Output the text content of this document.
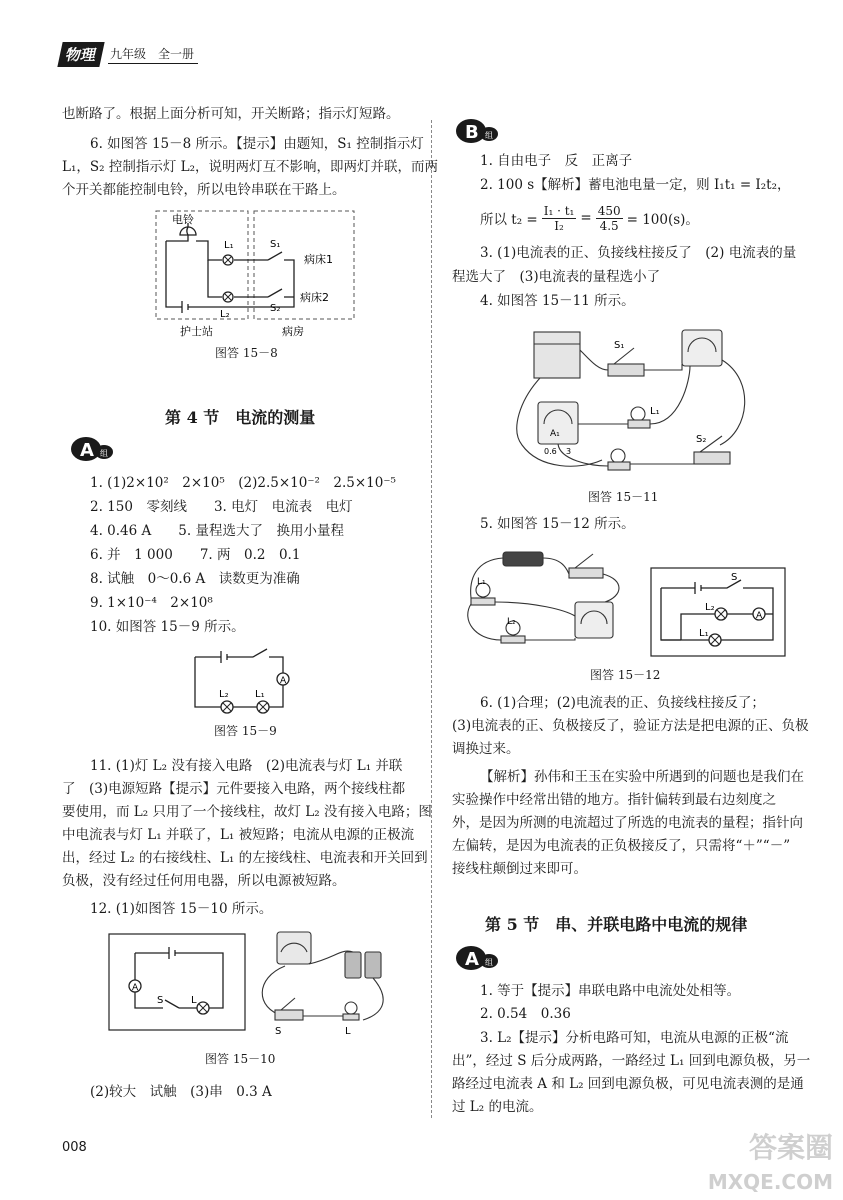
物理	九年级　 全一册
也断路了。根据上面分析可知，开关断路；指示灯短路。
6. 如图答 15－8 所示。【提示】由题知，S₁ 控制指示灯
L₁，S₂ 控制指示灯 L₂，说明两灯互不影响，即两灯并联，而两
个开关都能控制电铃，所以电铃串联在干路上。
电铃
L₁
L₂
S₁
S₂
病床1
病床2
护士站	病房
图答 15－8
第 4 节　电流的测量
A 组
1. (1)2×10²　2×10⁵　(2)2.5×10⁻²　2.5×10⁻⁵
2. 150　零刻线　　3. 电灯　电流表　电灯
4. 0.46 A　　5. 量程选大了　换用小量程
6. 并　1 000　　7. 两　0.2　0.1
8. 试触　0～0.6 A　读数更为准确
9. 1×10⁻⁴　2×10⁸
10. 如图答 15－9 所示。
A
L₂	L₁
图答 15－9
11. (1)灯 L₂ 没有接入电路　(2)电流表与灯 L₁ 并联
了　(3)电源短路【提示】元件要接入电路，两个接线柱都
要使用，而 L₂ 只用了一个接线柱，故灯 L₂ 没有接入电路；图
中电流表与灯 L₁ 并联了，L₁ 被短路；电流从电源的正极流
出，经过 L₂ 的右接线柱、L₁ 的左接线柱、电流表和开关回到
负极，没有经过任何用电器，所以电源被短路。
12. (1)如图答 15－10 所示。
A
S	L
S	L
图答 15－10
(2)较大　试触　(3)串　0.3 A
008
B 组
1. 自由电子　反　正离子
2. 100 s【解析】蓄电池电量一定，则 I₁t₁ = I₂t₂，
所以 $t_2 = \frac{\text{I₁ · t₁}}{\text{I₂}} = \frac{450}{4.5} = 100(s)$。
3. (1)电流表的正、负接线柱接反了　(2) 电流表的量
程选大了　(3)电流表的量程选小了
4. 如图答 15－11 所示。
S₁
S₂
L₁
A₁
0.6 3
图答 15－11
5. 如图答 15－12 所示。
L₁
L₂
S
A
L₂
L₁
图答 15－12
6. (1)合理；(2)电流表的正、负接线柱接反了；
(3)电流表的正、负极接反了，验证方法是把电源的正、负极
调换过来。
【解析】孙伟和王玉在实验中所遇到的问题也是我们在
实验操作中经常出错的地方。指针偏转到最右边刻度之
外，是因为所测的电流超过了所选的电流表的量程；指针向
左偏转，是因为电流表的正负极接反了，只需将“＋”“－”
接线柱颠倒过来即可。
第 5 节　串、并联电路中电流的规律
A 组
1. 等于【提示】串联电路中电流处处相等。
2. 0.54　0.36
3. L₂【提示】分析电路可知，电流从电源的正极“流
出”，经过 S 后分成两路，一路经过 L₁ 回到电源负极，另一
路经过电流表 A 和 L₂ 回到电源负极，可见电流表测的是通
过 L₂ 的电流。
答案圈
MXQE.COM
